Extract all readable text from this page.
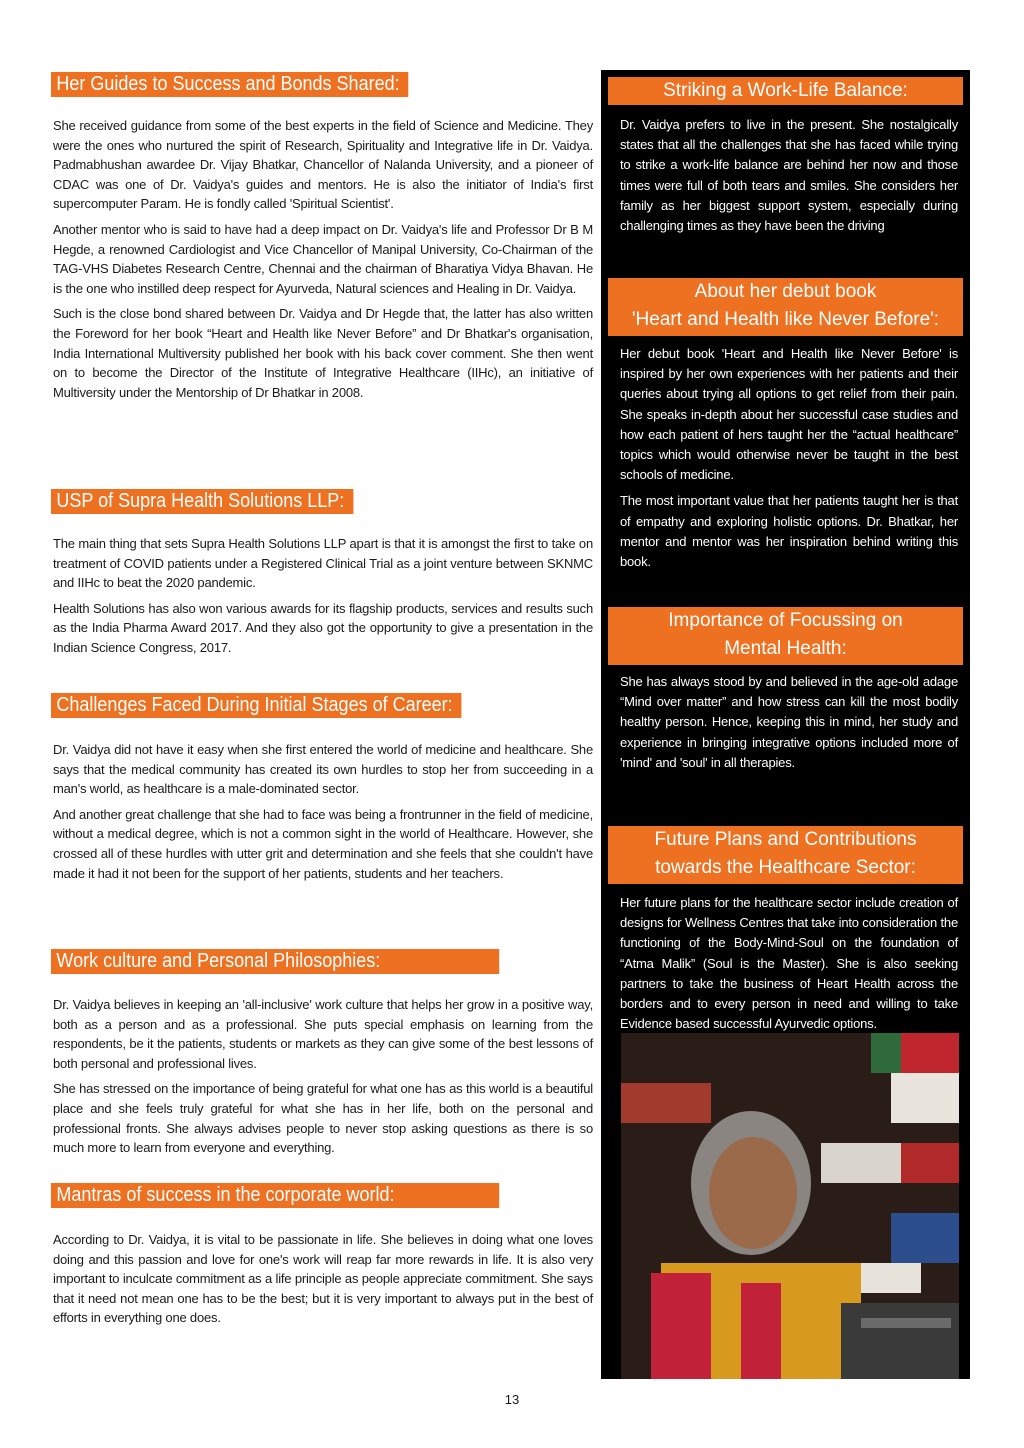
Her Guides to Success and Bonds Shared:

She received guidance from some of the best experts in the field of Science and Medicine. They were the ones who nurtured the spirit of Research, Spirituality and Integrative life in Dr. Vaidya. Padmabhushan awardee Dr. Vijay Bhatkar, Chancellor of Nalanda University, and a pioneer of CDAC was one of Dr. Vaidya's guides and mentors. He is also the initiator of India's first supercomputer Param. He is fondly called 'Spiritual Scientist'.

Another mentor who is said to have had a deep impact on Dr. Vaidya's life and Professor Dr B M Hegde, a renowned Cardiologist and Vice Chancellor of Manipal University, Co-Chairman of the TAG-VHS Diabetes Research Centre, Chennai and the chairman of Bharatiya Vidya Bhavan. He is the one who instilled deep respect for Ayurveda, Natural sciences and Healing in Dr. Vaidya.

Such is the close bond shared between Dr. Vaidya and Dr Hegde that, the latter has also written the Foreword for her book “Heart and Health like Never Before” and Dr Bhatkar's organisation, India International Multiversity published her book with his back cover comment. She then went on to become the Director of the Institute of Integrative Healthcare (IIHc), an initiative of Multiversity under the Mentorship of Dr Bhatkar in 2008.

USP of Supra Health Solutions LLP:

The main thing that sets Supra Health Solutions LLP apart is that it is amongst the first to take on treatment of COVID patients under a Registered Clinical Trial as a joint venture between SKNMC and IIHc to beat the 2020 pandemic.

Health Solutions has also won various awards for its flagship products, services and results such as the India Pharma Award 2017. And they also got the opportunity to give a presentation in the Indian Science Congress, 2017.

Challenges Faced During Initial Stages of Career:

Dr. Vaidya did not have it easy when she first entered the world of medicine and healthcare. She says that the medical community has created its own hurdles to stop her from succeeding in a man's world, as healthcare is a male-dominated sector.

And another great challenge that she had to face was being a frontrunner in the field of medicine, without a medical degree, which is not a common sight in the world of Healthcare. However, she crossed all of these hurdles with utter grit and determination and she feels that she couldn't have made it had it not been for the support of her patients, students and her teachers.

Work culture and Personal Philosophies:

Dr. Vaidya believes in keeping an 'all-inclusive' work culture that helps her grow in a positive way, both as a person and as a professional. She puts special emphasis on learning from the respondents, be it the patients, students or markets as they can give some of the best lessons of both personal and professional lives.

She has stressed on the importance of being grateful for what one has as this world is a beautiful place and she feels truly grateful for what she has in her life, both on the personal and professional fronts. She always advises people to never stop asking questions as there is so much more to learn from everyone and everything.

Mantras of success in the corporate world:

According to Dr. Vaidya, it is vital to be passionate in life. She believes in doing what one loves doing and this passion and love for one's work will reap far more rewards in life. It is also very important to inculcate commitment as a life principle as people appreciate commitment. She says that it need not mean one has to be the best; but it is very important to always put in the best of efforts in everything one does.

Striking a Work-Life Balance:

Dr. Vaidya prefers to live in the present. She nostalgically states that all the challenges that she has faced while trying to strike a work-life balance are behind her now and those times were full of both tears and smiles. She considers her family as her biggest support system, especially during challenging times as they have been the driving

About her debut book
'Heart and Health like Never Before':

Her debut book 'Heart and Health like Never Before' is inspired by her own experiences with her patients and their queries about trying all options to get relief from their pain. She speaks in-depth about her successful case studies and how each patient of hers taught her the “actual healthcare” topics which would otherwise never be taught in the best schools of medicine.

The most important value that her patients taught her is that of empathy and exploring holistic options. Dr. Bhatkar, her mentor and mentor was her inspiration behind writing this book.

Importance of Focussing on
Mental Health:

She has always stood by and believed in the age-old adage “Mind over matter” and how stress can kill the most bodily healthy person. Hence, keeping this in mind, her study and experience in bringing integrative options included more of 'mind' and 'soul' in all therapies.

Future Plans and Contributions
towards the Healthcare Sector:

Her future plans for the healthcare sector include creation of designs for Wellness Centres that take into consideration the functioning of the Body-Mind-Soul on the foundation of “Atma Malik” (Soul is the Master). She is also seeking partners to take the business of Heart Health across the borders and to every person in need and willing to take Evidence based successful Ayurvedic options.

13
